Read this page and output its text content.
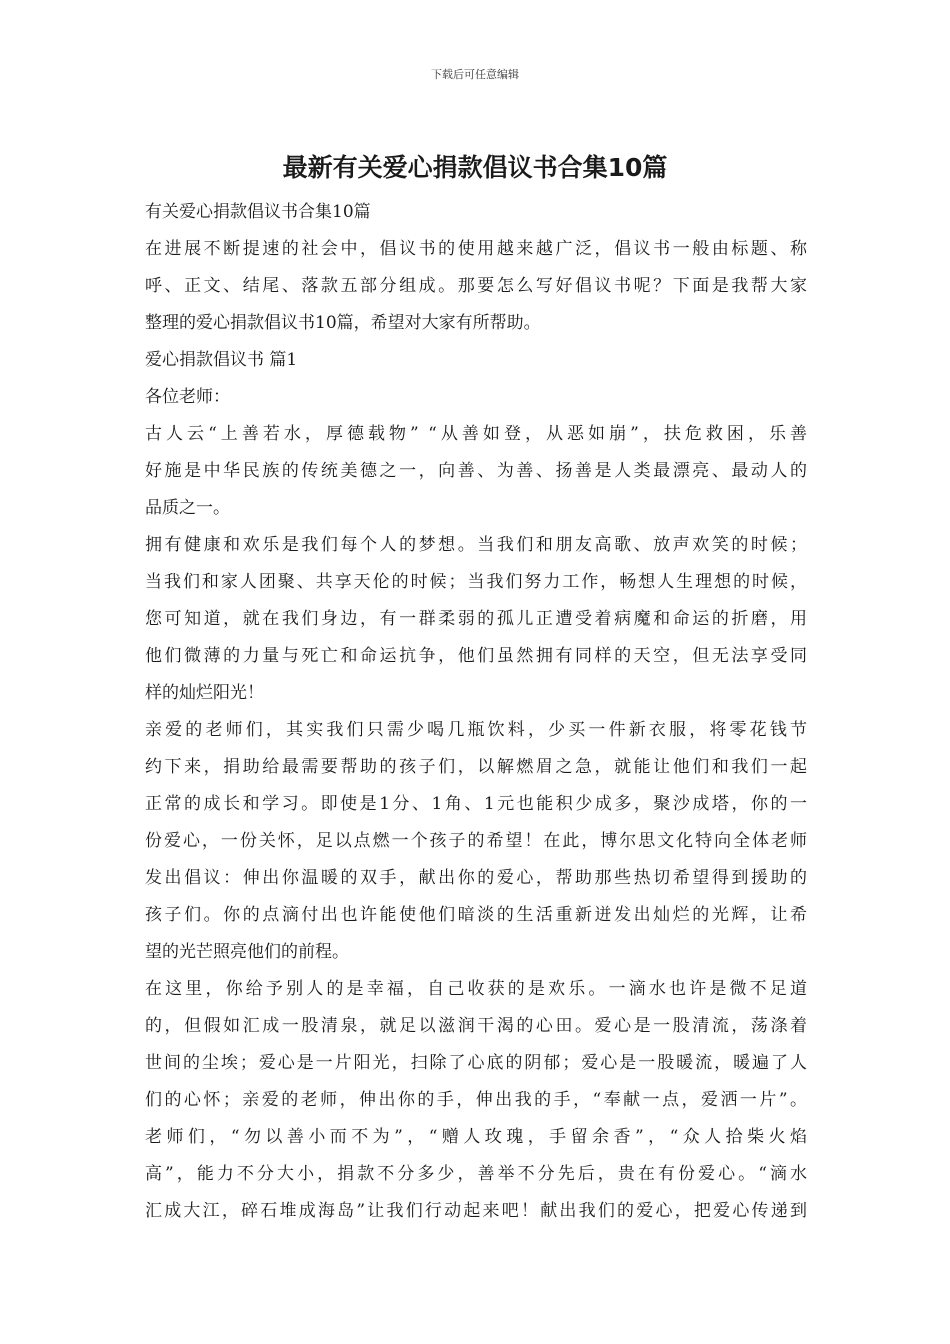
下载后可任意编辑
最新有关爱心捐款倡议书合集10篇
有关爱心捐款倡议书合集10篇
在进展不断提速的社会中，倡议书的使用越来越广泛，倡议书一般由标题、称
呼、正文、结尾、落款五部分组成。那要怎么写好倡议书呢？下面是我帮大家
整理的爱心捐款倡议书10篇，希望对大家有所帮助。
爱心捐款倡议书 篇1
各位老师：
古人云“上善若水，厚德载物” “从善如登，从恶如崩”，扶危救困，乐善
好施是中华民族的传统美德之一，向善、为善、扬善是人类最漂亮、最动人的
品质之一。
拥有健康和欢乐是我们每个人的梦想。当我们和朋友高歌、放声欢笑的时候；
当我们和家人团聚、共享天伦的时候；当我们努力工作，畅想人生理想的时候，
您可知道，就在我们身边，有一群柔弱的孤儿正遭受着病魔和命运的折磨，用
他们微薄的力量与死亡和命运抗争，他们虽然拥有同样的天空，但无法享受同
样的灿烂阳光！
亲爱的老师们，其实我们只需少喝几瓶饮料，少买一件新衣服，将零花钱节
约下来，捐助给最需要帮助的孩子们，以解燃眉之急，就能让他们和我们一起
正常的成长和学习。即使是1分、1角、1元也能积少成多，聚沙成塔，你的一
份爱心，一份关怀，足以点燃一个孩子的希望！在此，博尔思文化特向全体老师
发出倡议：伸出你温暖的双手，献出你的爱心，帮助那些热切希望得到援助的
孩子们。你的点滴付出也许能使他们暗淡的生活重新迸发出灿烂的光辉，让希
望的光芒照亮他们的前程。
在这里，你给予别人的是幸福，自己收获的是欢乐。一滴水也许是微不足道
的，但假如汇成一股清泉，就足以滋润干渴的心田。爱心是一股清流，荡涤着
世间的尘埃；爱心是一片阳光，扫除了心底的阴郁；爱心是一股暖流，暖遍了人
们的心怀；亲爱的老师，伸出你的手，伸出我的手，“奉献一点，爱洒一片”。
老师们，“勿以善小而不为”，“赠人玫瑰，手留余香”，“众人拾柴火焰
高”，能力不分大小，捐款不分多少，善举不分先后，贵在有份爱心。“滴水
汇成大江，碎石堆成海岛”让我们行动起来吧！献出我们的爱心，把爱心传递到
